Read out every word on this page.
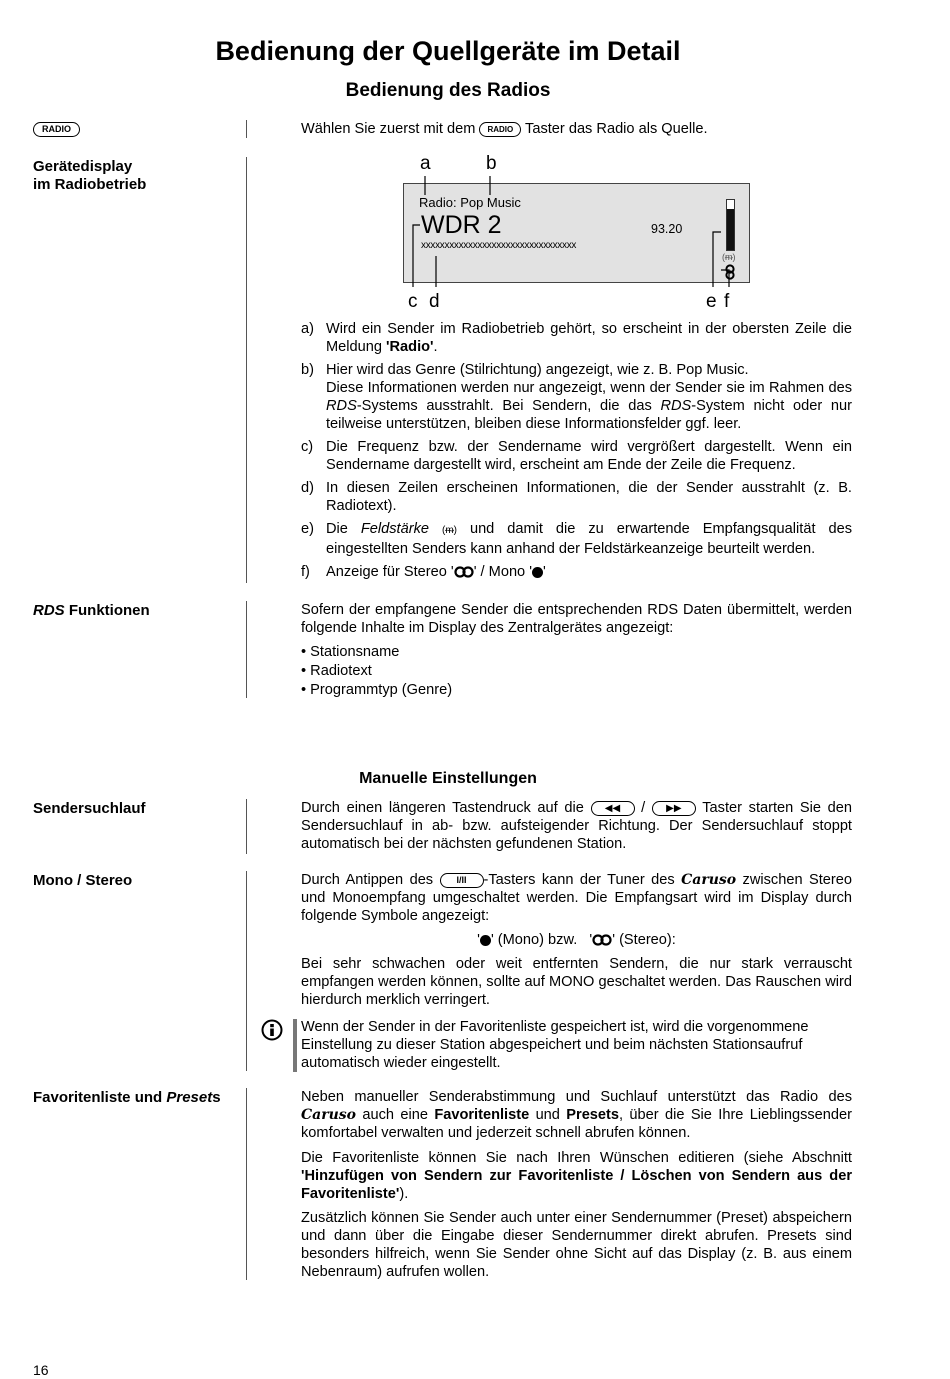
Bedienung der Quellgeräte im Detail
Bedienung des Radios
RADIO	Wählen Sie zuerst mit dem RADIO Taster das Radio als Quelle.
Gerätedisplay
im Radiobetrieb
a	b
Radio: Pop Music
WDR 2	93.20
xxxxxxxxxxxxxxxxxxxxxxxxxxxxxxxxx
(ᵯ)
c d	e f
a) Wird ein Sender im Radiobetrieb gehört, so erscheint in der obersten Zeile die Meldung 'Radio'.
b) Hier wird das Genre (Stilrichtung) angezeigt, wie z. B. Pop Music.
Diese Informationen werden nur angezeigt, wenn der Sender sie im Rahmen des RDS-Systems ausstrahlt. Bei Sendern, die das RDS-System nicht oder nur teilweise unterstützen, bleiben diese Informationsfelder ggf. leer.
c) Die Frequenz bzw. der Sendername wird vergrößert dargestellt. Wenn ein Sendername dargestellt wird, erscheint am Ende der Zeile die Frequenz.
d) In diesen Zeilen erscheinen Informationen, die der Sender ausstrahlt (z. B. Radiotext).
e) Die Feldstärke (ᵯ) und damit die zu erwartende Empfangsqualität des eingestellten Senders kann anhand der Feldstärkeanzeige beurteilt werden.
f) Anzeige für Stereo ' ' / Mono ' '
RDS Funktionen	Sofern der empfangene Sender die entsprechenden RDS Daten übermittelt, werden folgende Inhalte im Display des Zentralgerätes angezeigt:
• Stationsname
• Radiotext
• Programmtyp (Genre)
Manuelle Einstellungen
Sendersuchlauf	Durch einen längeren Tastendruck auf die ◀◀ / ▶▶ Taster starten Sie den Sendersuchlauf in ab- bzw. aufsteigender Richtung. Der Sendersuchlauf stoppt automatisch bei der nächsten gefundenen Station.
Mono / Stereo	Durch Antippen des	I/II -Tasters kann der Tuner des Caruso zwischen Stereo und Monoempfang umgeschaltet werden. Die Empfangsart wird im Display durch folgende Symbole angezeigt:
' ' (Mono) bzw.   ' ' (Stereo):
Bei sehr schwachen oder weit entfernten Sendern, die nur stark verrauscht empfangen werden können, sollte auf MONO geschaltet werden. Das Rauschen wird hierdurch merklich verringert.
Wenn der Sender in der Favoritenliste gespeichert ist, wird die vorgenommene Einstellung zu dieser Station abgespeichert und beim nächsten Stationsaufruf automatisch wieder eingestellt.
Favoritenliste und Presets	Neben manueller Senderabstimmung und Suchlauf unterstützt das Radio des Caruso auch eine Favoritenliste und Presets, über die Sie Ihre Lieblingssender komfortabel verwalten und jederzeit schnell abrufen können.
Die Favoritenliste können Sie nach Ihren Wünschen editieren (siehe Abschnitt 'Hinzufügen von Sendern zur Favoritenliste / Löschen von Sendern aus der Favoritenliste').
Zusätzlich können Sie Sender auch unter einer Sendernummer (Preset) abspeichern und dann über die Eingabe dieser Sendernummer direkt abrufen. Presets sind besonders hilfreich, wenn Sie Sender ohne Sicht auf das Display (z. B. aus einem Nebenraum) aufrufen wollen.
16
